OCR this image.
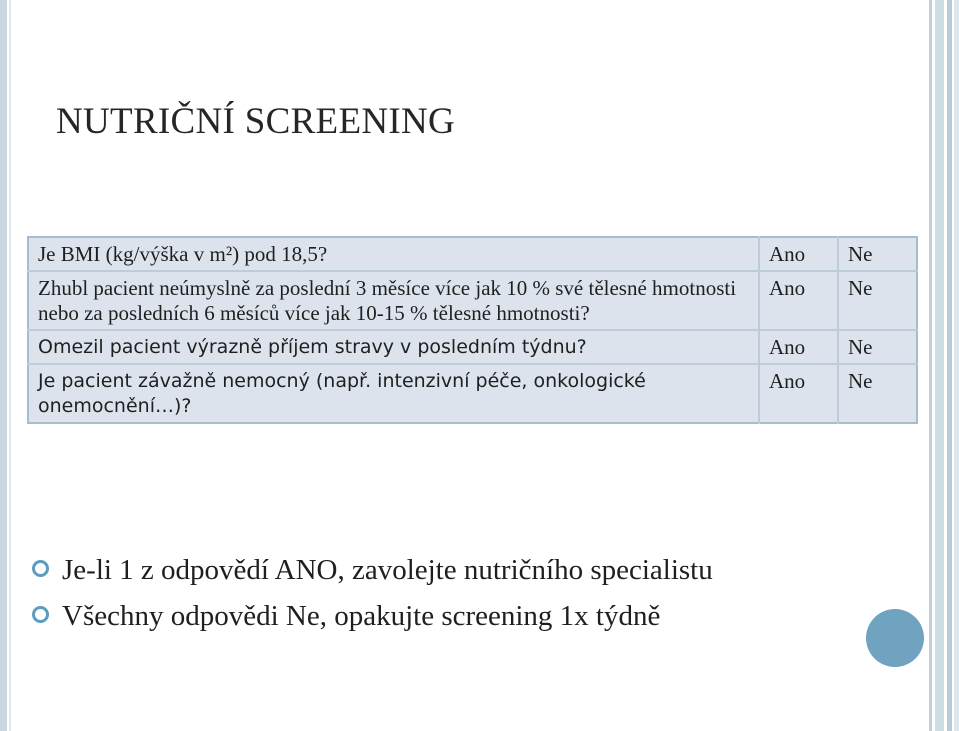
NUTRIČNÍ SCREENING
Je BMI (kg/výška v m²) pod 18,5?	Ano	Ne
Zhubl pacient neúmyslně za poslední 3 měsíce více jak 10 % své tělesné hmotnosti nebo za posledních 6 měsíců více jak 10-15 % tělesné hmotnosti?	Ano	Ne
Omezil pacient výrazně příjem stravy v posledním týdnu?	Ano	Ne
Je pacient závažně nemocný (např. intenzivní péče, onkologické onemocnění…)?	Ano	Ne
Je-li 1 z odpovědí ANO, zavolejte nutričního specialistu
Všechny odpovědi Ne, opakujte screening 1x týdně
